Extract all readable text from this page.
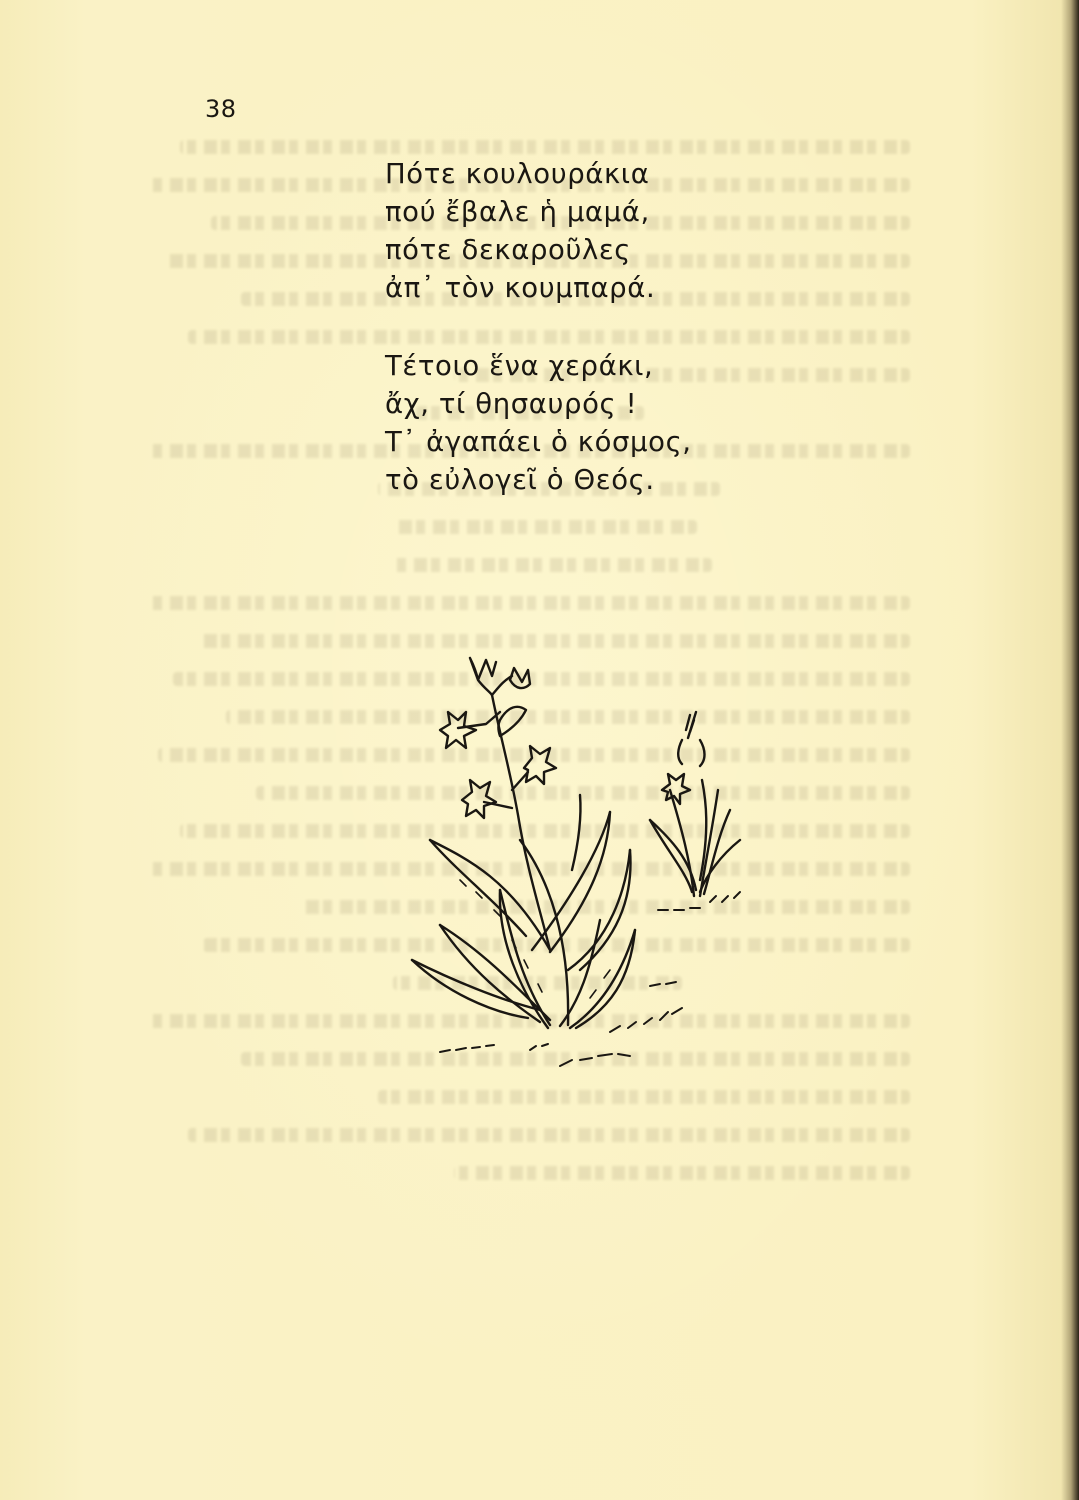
38
Πότε κουλουράκια
πού ἔβαλε ἡ μαμά,
πότε δεκαροῦλες
ἀπ᾽ τὸν κουμπαρά.
Τέτοιο ἕνα χεράκι,
ἄχ, τί θησαυρός !
Τ᾽ ἀγαπάει ὁ κόσμος,
τὸ εὐλογεῖ ὁ Θεός.
